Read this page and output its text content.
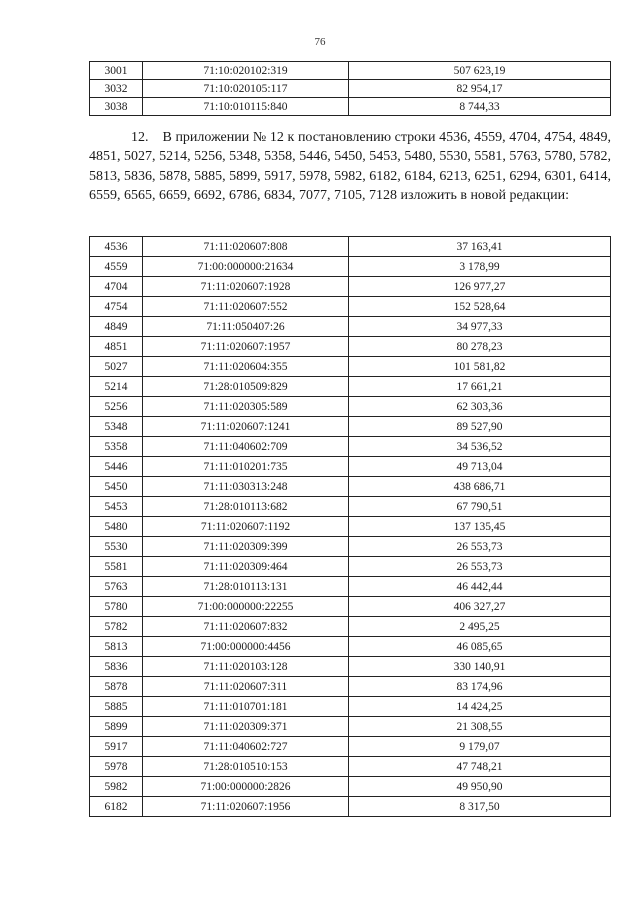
76
3001	71:10:020102:319	507 623,19
3032	71:10:020105:117	82 954,17
3038	71:10:010115:840	8 744,33
12. В приложении № 12 к постановлению строки 4536, 4559, 4704, 4754, 4849, 4851, 5027, 5214, 5256, 5348, 5358, 5446, 5450, 5453, 5480, 5530, 5581, 5763, 5780, 5782, 5813, 5836, 5878, 5885, 5899, 5917, 5978, 5982, 6182, 6184, 6213, 6251, 6294, 6301, 6414, 6559, 6565, 6659, 6692, 6786, 6834, 7077, 7105, 7128 изложить в новой редакции:
4536	71:11:020607:808	37 163,41
4559	71:00:000000:21634	3 178,99
4704	71:11:020607:1928	126 977,27
4754	71:11:020607:552	152 528,64
4849	71:11:050407:26	34 977,33
4851	71:11:020607:1957	80 278,23
5027	71:11:020604:355	101 581,82
5214	71:28:010509:829	17 661,21
5256	71:11:020305:589	62 303,36
5348	71:11:020607:1241	89 527,90
5358	71:11:040602:709	34 536,52
5446	71:11:010201:735	49 713,04
5450	71:11:030313:248	438 686,71
5453	71:28:010113:682	67 790,51
5480	71:11:020607:1192	137 135,45
5530	71:11:020309:399	26 553,73
5581	71:11:020309:464	26 553,73
5763	71:28:010113:131	46 442,44
5780	71:00:000000:22255	406 327,27
5782	71:11:020607:832	2 495,25
5813	71:00:000000:4456	46 085,65
5836	71:11:020103:128	330 140,91
5878	71:11:020607:311	83 174,96
5885	71:11:010701:181	14 424,25
5899	71:11:020309:371	21 308,55
5917	71:11:040602:727	9 179,07
5978	71:28:010510:153	47 748,21
5982	71:00:000000:2826	49 950,90
6182	71:11:020607:1956	8 317,50
